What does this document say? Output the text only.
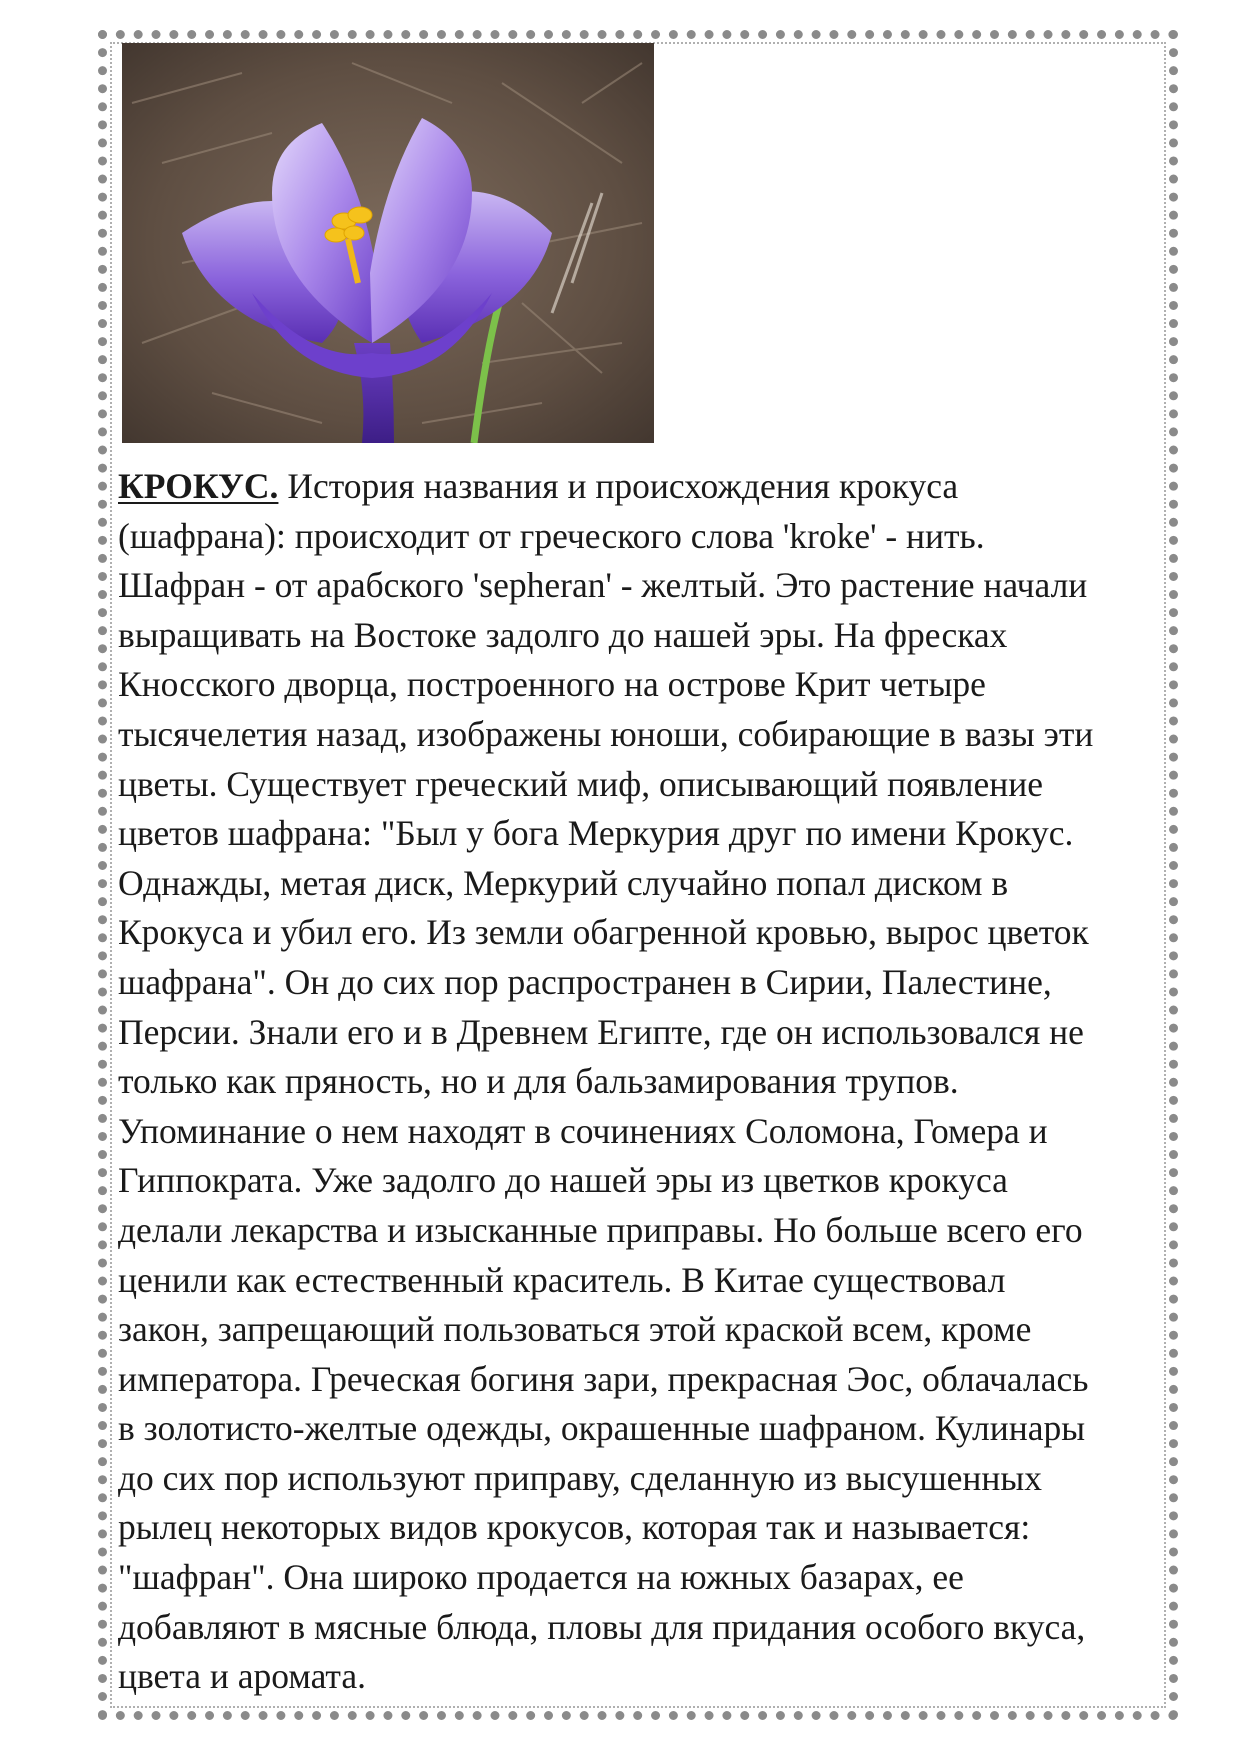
КРОКУС. История названия и происхождения крокуса
(шафрана): происходит от греческого слова 'kroke' - нить.
Шафран - от арабского 'sepheran' - желтый. Это растение начали
выращивать на Востоке задолго до нашей эры. На фресках
Кносского дворца, построенного на острове Крит четыре
тысячелетия назад, изображены юноши, собирающие в вазы эти
цветы. Существует греческий миф, описывающий появление
цветов шафрана: "Был у бога Меркурия друг по имени Крокус.
Однажды, метая диск, Меркурий случайно попал диском в
Крокуса и убил его. Из земли обагренной кровью, вырос цветок
шафрана". Он до сих пор распространен в Сирии, Палестине,
Персии. Знали его и в Древнем Египте, где он использовался не
только как пряность, но и для бальзамирования трупов.
Упоминание о нем находят в сочинениях Соломона, Гомера и
Гиппократа. Уже задолго до нашей эры из цветков крокуса
делали лекарства и изысканные приправы. Но больше всего его
ценили как естественный краситель. В Китае существовал
закон, запрещающий пользоваться этой краской всем, кроме
императора. Греческая богиня зари, прекрасная Эос, облачалась
в золотисто-желтые одежды, окрашенные шафраном. Кулинары
до сих пор используют приправу, сделанную из высушенных
рылец некоторых видов крокусов, которая так и называется:
"шафран". Она широко продается на южных базарах, ее
добавляют в мясные блюда, пловы для придания особого вкуса,
цвета и аромата.
